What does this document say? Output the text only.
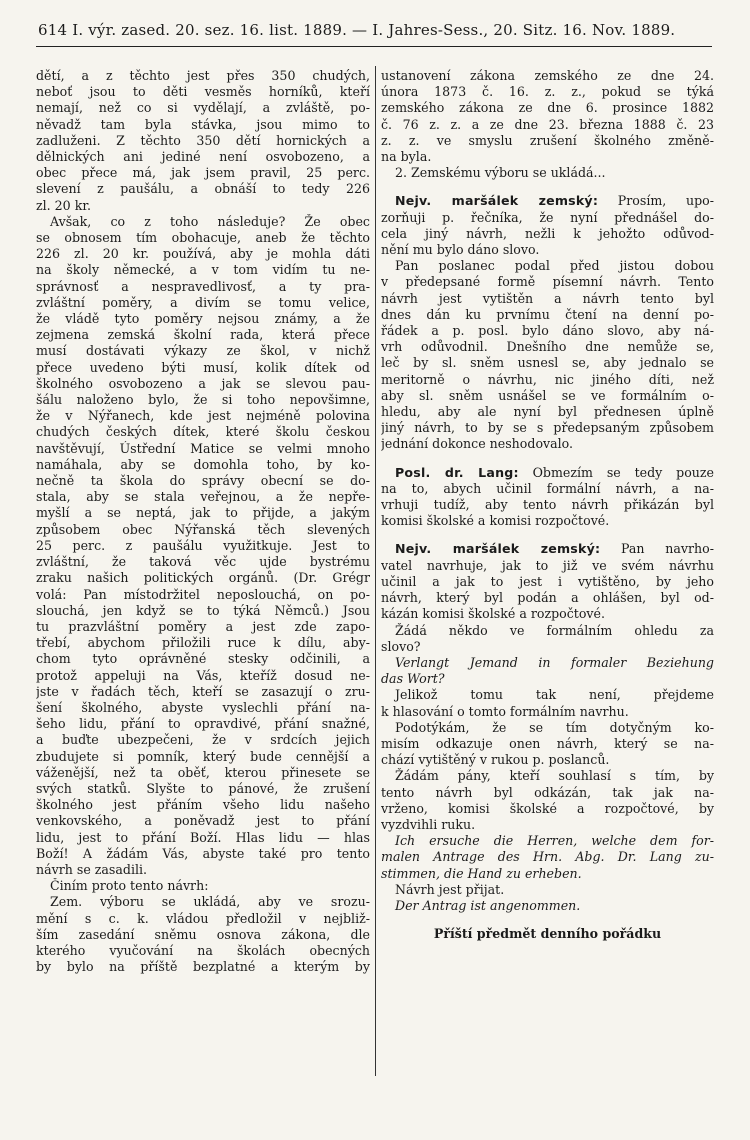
614 I. výr. zased. 20. sez. 16. list. 1889. — I. Jahres-Sess., 20. Sitz. 16. Nov. 1889.
dětí, a z těchto jest přes 350 chudých,
neboť jsou to děti vesměs horníků, kteří
nemají, než co si vydělají, a zvláště, po-
něvadž tam byla stávka, jsou mimo to
zadluženi. Z těchto 350 dětí hornických a
dělnických ani jediné není osvobozeno, a
obec přece má, jak jsem pravil, 25 perc.
slevení z paušálu, a obnáší to tedy 226
zl. 20 kr.
Avšak, co z toho následuje? Že obec
se obnosem tím obohacuje, aneb že těchto
226 zl. 20 kr. používá, aby je mohla dáti
na školy německé, a v tom vidím tu ne-
správnosť a nespravedlivosť, a ty pra-
zvláštní poměry, a divím se tomu velice,
že vládě tyto poměry nejsou známy, a že
zejmena zemská školní rada, která přece
musí dostávati výkazy ze škol, v nichž
přece uvedeno býti musí, kolik dítek od
školného osvobozeno a jak se slevou pau-
šálu naloženo bylo, že si toho nepovšimne,
že v Nýřanech, kde jest nejméně polovina
chudých českých dítek, které školu českou
navštěvují, Ústřední Matice se velmi mnoho
namáhala, aby se domohla toho, by ko-
nečně ta škola do správy obecní se do-
stala, aby se stala veřejnou, a že nepře-
myšlí a se neptá, jak to přijde, a jakým
způsobem obec Nýřanská těch slevených
25 perc. z paušálu využitkuje. Jest to
zvláštní, že taková věc ujde bystrému
zraku našich politických orgánů. (Dr. Grégr
volá: Pan místodržitel neposlouchá, on po-
slouchá, jen když se to týká Němců.) Jsou
tu prazvláštní poměry a jest zde zapo-
třebí, abychom přiložili ruce k dílu, aby-
chom tyto oprávněné stesky odčinili, a
protož appeluji na Vás, kteříž dosud ne-
jste v řadách těch, kteří se zasazují o zru-
šení školného, abyste vyslechli přání na-
šeho lidu, přání to opravdivé, přání snažné,
a buďte ubezpečeni, že v srdcích jejich
zbudujete si pomník, který bude cennější a
váženější, než ta oběť, kterou přinesete se
svých statků. Slyšte to pánové, že zrušení
školného jest přáním všeho lidu našeho
venkovského, a poněvadž jest to přání
lidu, jest to přání Boží. Hlas lidu — hlas
Boží! A žádám Vás, abyste také pro tento
návrh se zasadili.
Činím proto tento návrh:
Zem. výboru se ukládá, aby ve srozu-
mění s c. k. vládou předložil v nejbliž-
ším zasedání sněmu osnova zákona, dle
kterého vyučování na školách obecných
by bylo na příště bezplatné a kterým by
ustanovení zákona zemského ze dne 24.
února 1873 č. 16. z. z., pokud se týká
zemského zákona ze dne 6. prosince 1882
č. 76 z. z. a ze dne 23. března 1888 č. 23
z. z. ve smyslu zrušení školného změně-
na byla.
2. Zemskému výboru se ukládá...
Nejv. maršálek zemský: Prosím, upo-
zorňuji p. řečníka, že nyní přednášel do-
cela jiný návrh, nežli k jehožto odůvod-
nění mu bylo dáno slovo.
Pan poslanec podal před jistou dobou
v předepsané formě písemní návrh. Tento
návrh jest vytištěn a návrh tento byl
dnes dán ku prvnímu čtení na denní po-
řádek a p. posl. bylo dáno slovo, aby ná-
vrh odůvodnil. Dnešního dne nemůže se,
leč by sl. sněm usnesl se, aby jednalo se
meritorně o návrhu, nic jiného díti, než
aby sl. sněm usnášel se ve formálním o-
hledu, aby ale nyní byl přednesen úplně
jiný návrh, to by se s předepsaným způsobem
jednání dokonce neshodovalo.
Posl. dr. Lang: Obmezím se tedy pouze
na to, abych učinil formální návrh, a na-
vrhuji tudíž, aby tento návrh přikázán byl
komisi školské a komisi rozpočtové.
Nejv. maršálek zemský: Pan navrho-
vatel navrhuje, jak to již ve svém návrhu
učinil a jak to jest i vytištěno, by jeho
návrh, který byl podán a ohlášen, byl od-
kázán komisi školské a rozpočtové.
Žádá někdo ve formálním ohledu za
slovo?
Verlangt Jemand in formaler Beziehung
das Wort?
Jelikož tomu tak není, přejdeme
k hlasování o tomto formálním navrhu.
Podotýkám, že se tím dotyčným ko-
misím odkazuje onen návrh, který se na-
chází vytištěný v rukou p. poslanců.
Žádám pány, kteří souhlasí s tím, by
tento návrh byl odkázán, tak jak na-
vrženo, komisi školské a rozpočtové, by
vyzdvihli ruku.
Ich ersuche die Herren, welche dem for-
malen Antrage des Hrn. Abg. Dr. Lang zu-
stimmen, die Hand zu erheben.
Návrh jest přijat.
Der Antrag ist angenommen.
Příští předmět denního pořádku
